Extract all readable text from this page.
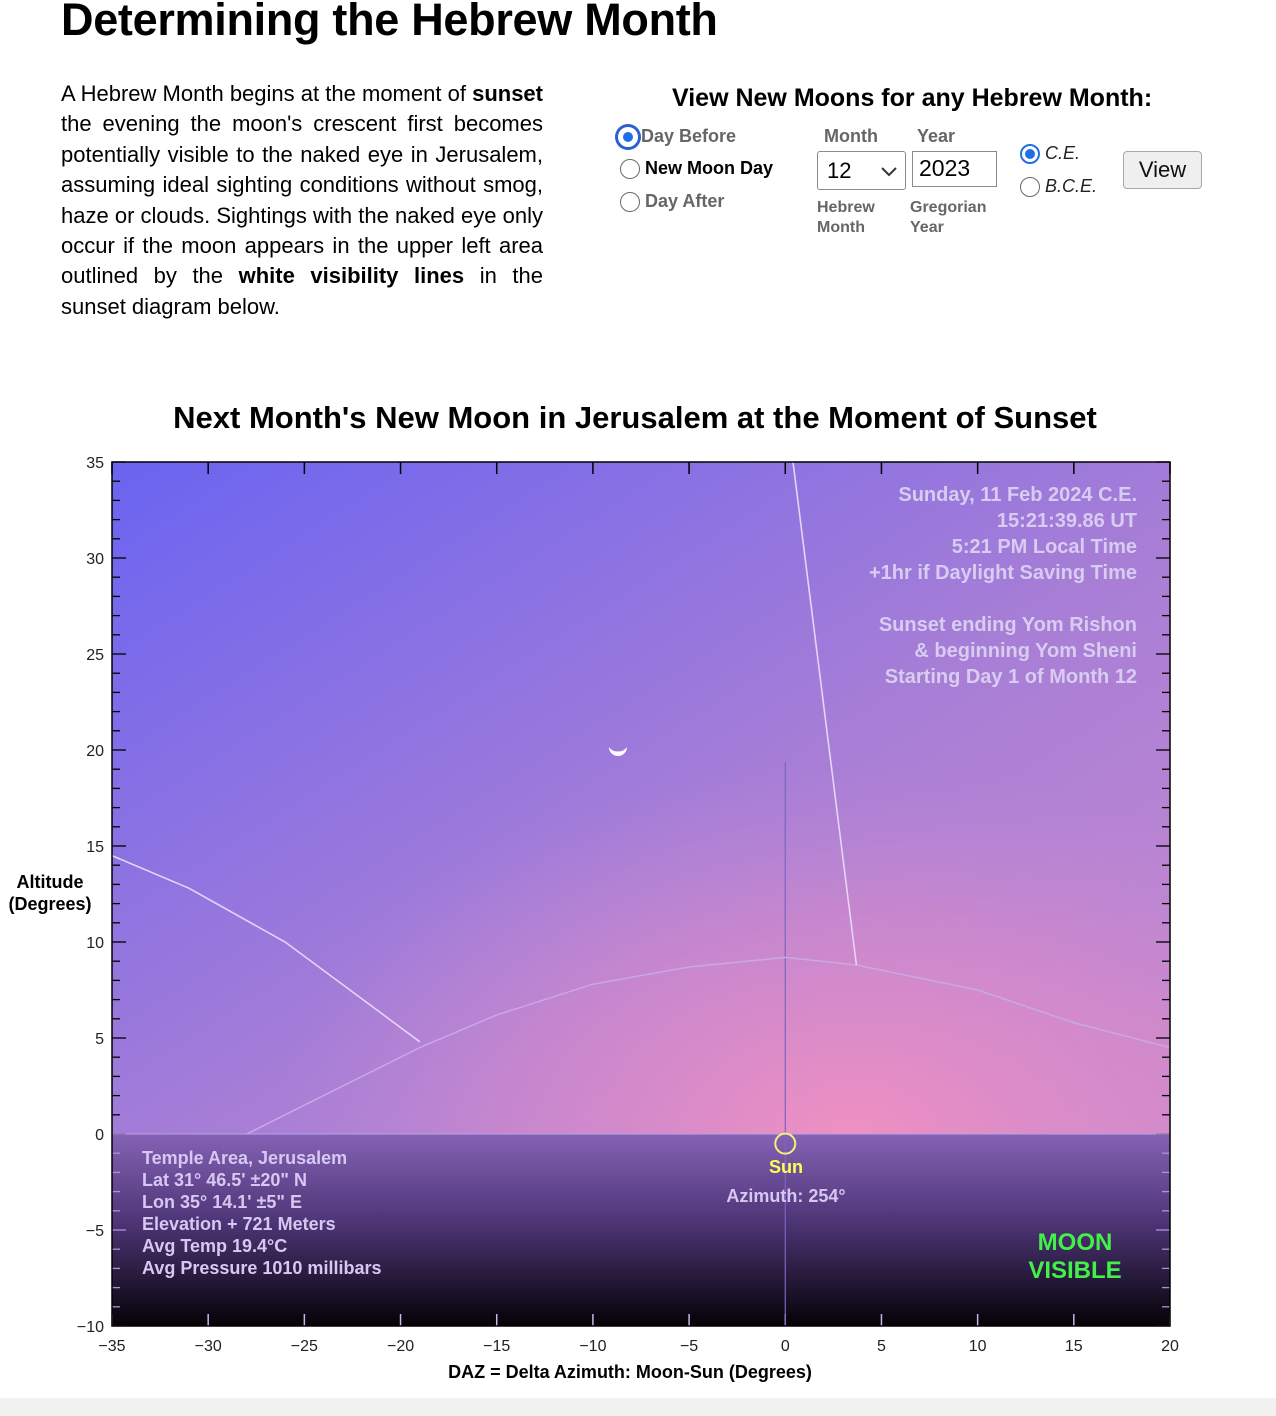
Determining the Hebrew Month

A Hebrew Month begins at the moment of sunset the evening the moon's crescent first becomes potentially visible to the naked eye in Jerusalem, assuming ideal sighting conditions without smog, haze or clouds. Sightings with the naked eye only occur if the moon appears in the upper left area outlined by the white visibility lines in the sunset diagram below.

View New Moons for any Hebrew Month:
Day Before
New Moon Day
Day After
Month Year
12	2023
Hebrew
Month
Gregorian
Year
C.E.
B.C.E.
View
Next Month's New Moon in Jerusalem at the Moment of Sunset
−10
−5
0
5
10
15
20
25
30
35
−35	−30	−25	−20	−15	−10	−5	0	5	10	15	20
Altitude
(Degrees)
DAZ = Delta Azimuth: Moon-Sun (Degrees)
Sunday, 11 Feb 2024 C.E.
15:21:39.86 UT
5:21 PM Local Time
+1hr if Daylight Saving Time
Sunset ending Yom Rishon
& beginning Yom Sheni
Starting Day 1 of Month 12
Temple Area, Jerusalem
Lat 31° 46.5' ±20" N
Lon 35° 14.1' ±5" E
Elevation + 721 Meters
Avg Temp 19.4°C
Avg Pressure 1010 millibars
Sun
Azimuth: 254°
MOON
VISIBLE
